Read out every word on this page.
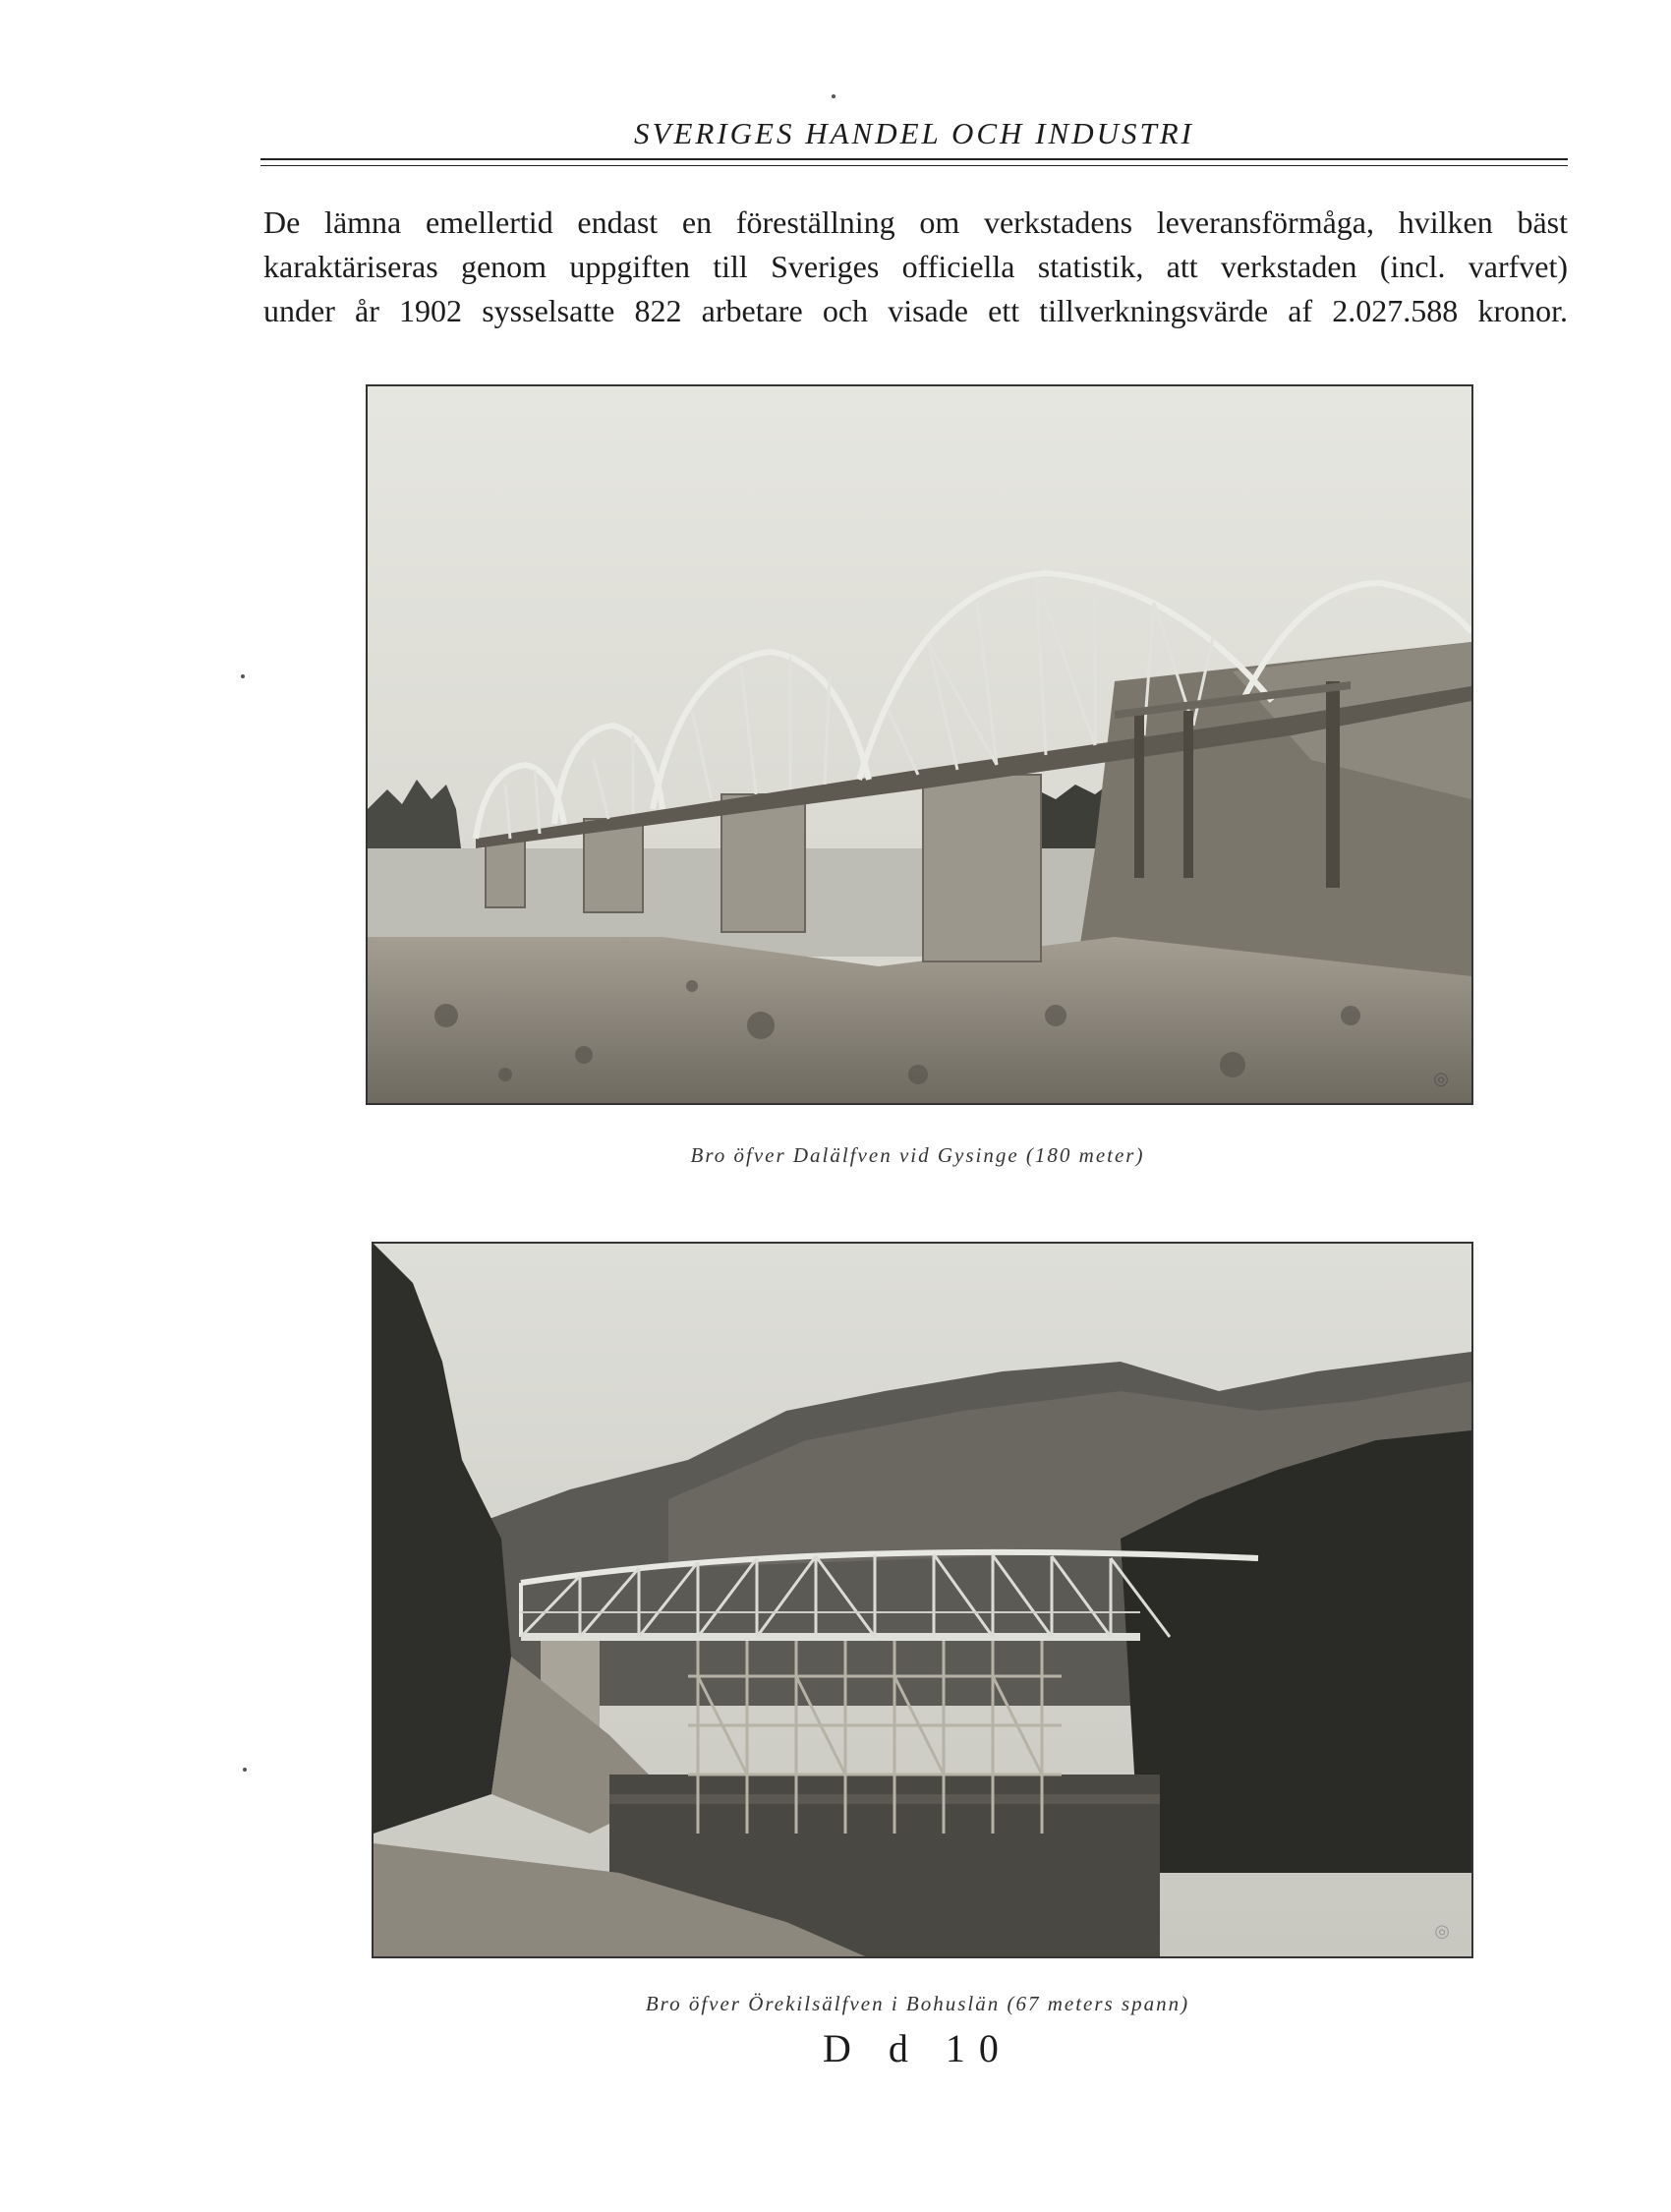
SVERIGES HANDEL OCH INDUSTRI
De lämna emellertid endast en föreställning om verkstadens leveransförmåga, hvilken bäst
karaktäriseras genom uppgiften till Sveriges officiella statistik, att verkstaden (incl. varfvet)
under år 1902 sysselsatte 822 arbetare och visade ett tillverkningsvärde af 2.027.588 kronor.
◎
Bro öfver Dalälfven vid Gysinge (180 meter)
◎
Bro öfver Örekilsälfven i Bohuslän (67 meters spann)
D d 10
